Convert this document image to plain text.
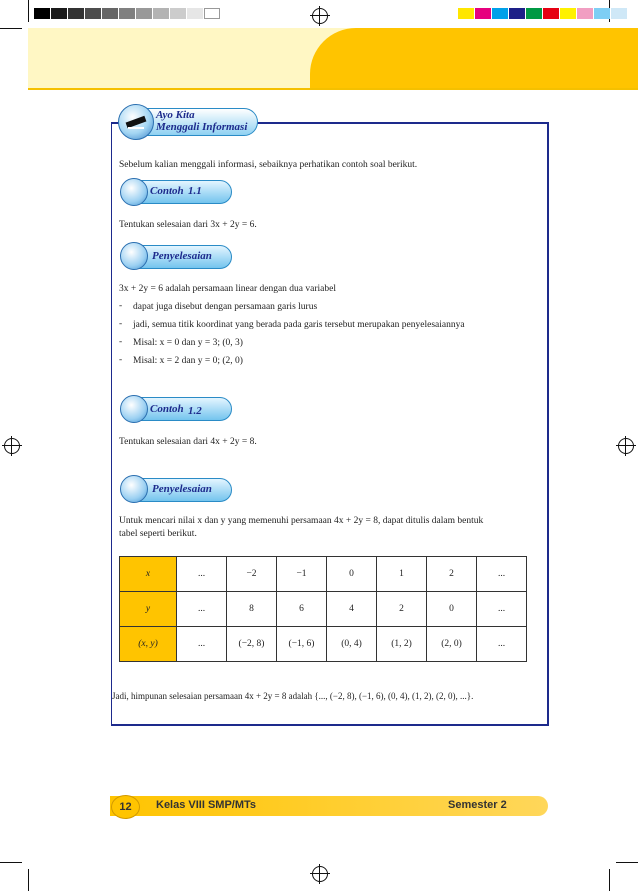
Ayo Kita
Menggali Informasi
Sebelum kalian menggali informasi, sebaiknya perhatikan contoh soal berikut.
Contoh 1.1
Tentukan selesaian dari 3x + 2y = 6.
Penyelesaian
3x + 2y = 6 adalah persamaan linear dengan dua variabel
- dapat juga disebut dengan persamaan garis lurus
- jadi, semua titik koordinat yang berada pada garis tersebut merupakan penyelesaiannya
- Misal: x = 0 dan y = 3; (0, 3)
- Misal: x = 2 dan y = 0; (2, 0)
Contoh 1.2
Tentukan selesaian dari 4x + 2y = 8.
Penyelesaian
Untuk mencari nilai x dan y yang memenuhi persamaan 4x + 2y = 8, dapat ditulis dalam bentuk
tabel seperti berikut.
x	...	−2	−1	0	1	2	...
y	...	8	6	4	2	0	...
(x, y)	...	(−2, 8)	(−1, 6)	(0, 4)	(1, 2)	(2, 0)	...
Jadi, himpunan selesaian persamaan 4x + 2y = 8 adalah {..., (−2, 8), (−1, 6), (0, 4), (1, 2), (2, 0), ...}.
12	Kelas VIII SMP/MTs	Semester 2
